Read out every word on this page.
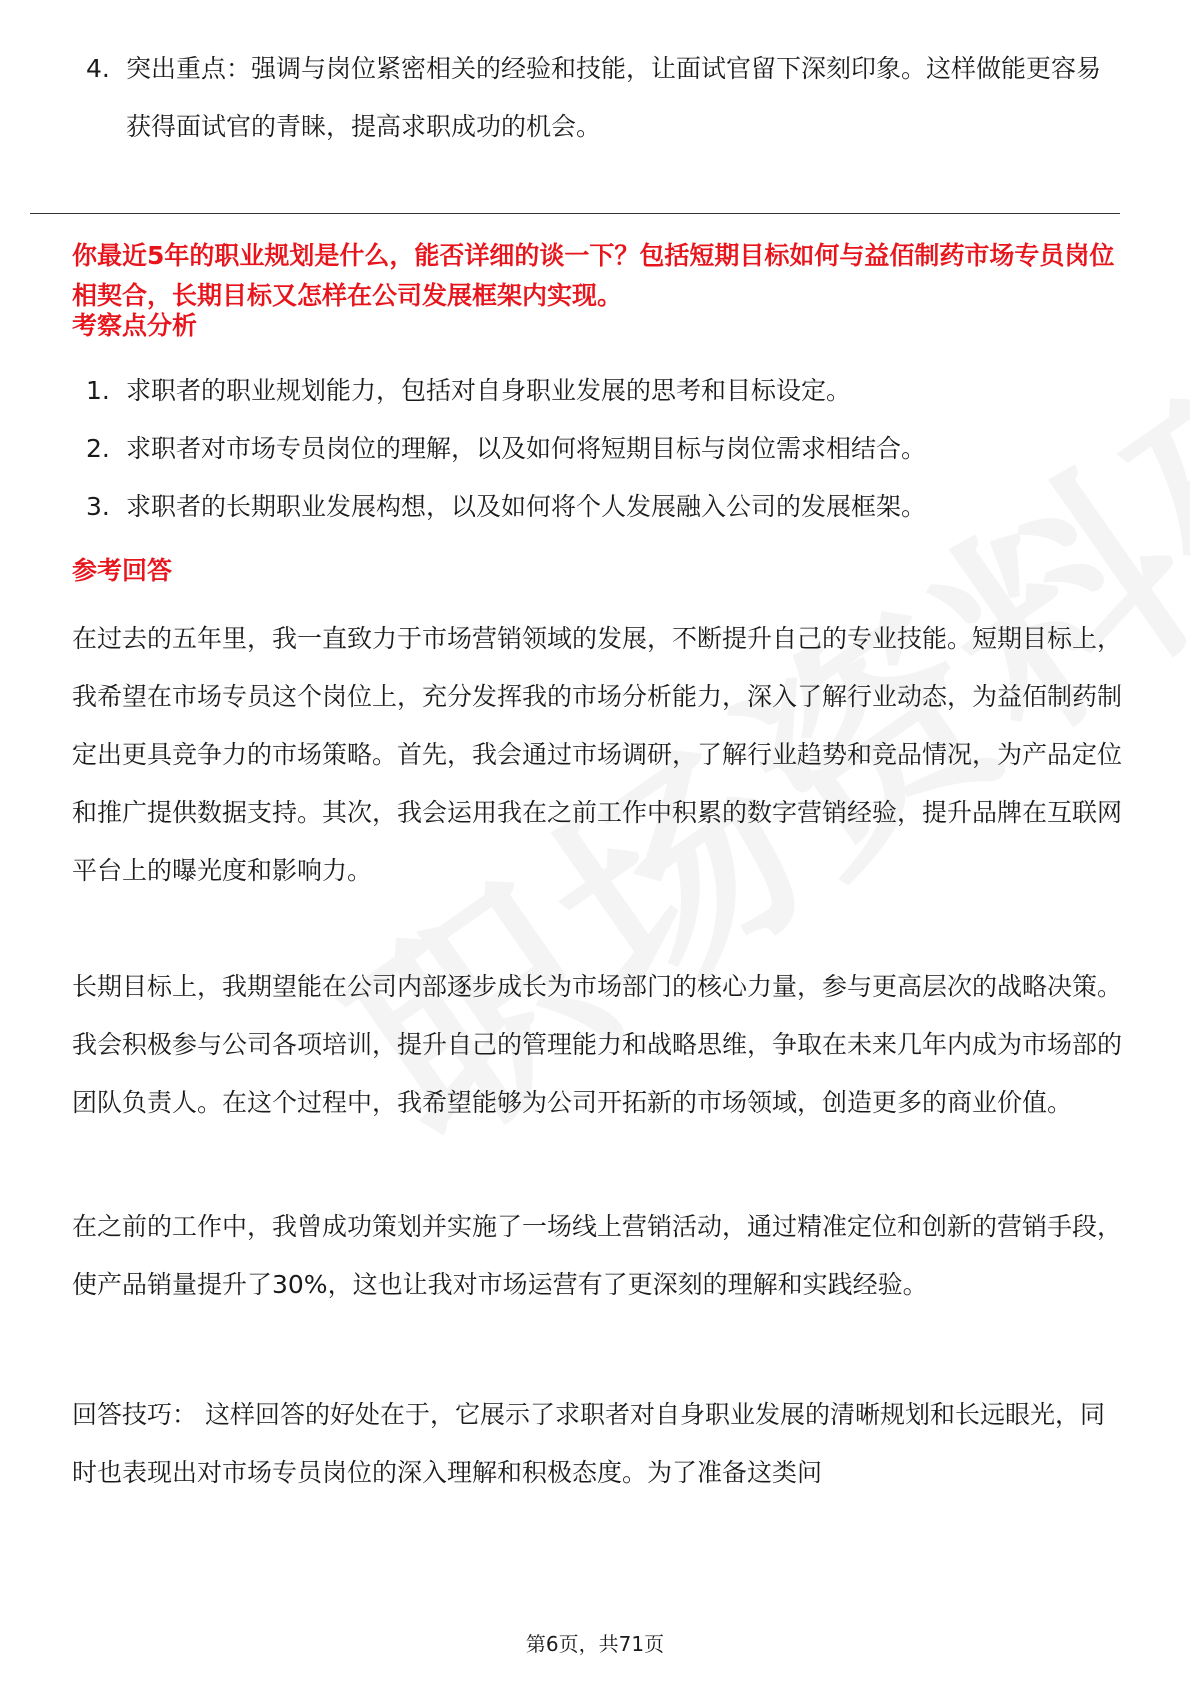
4. 突出重点：强调与岗位紧密相关的经验和技能，让面试官留下深刻印象。这样做能更容易获得面试官的青睐，提高求职成功的机会。
你最近5年的职业规划是什么，能否详细的谈一下？包括短期目标如何与益佰制药市场专员岗位相契合，长期目标又怎样在公司发展框架内实现。
考察点分析
1. 求职者的职业规划能力，包括对自身职业发展的思考和目标设定。
2. 求职者对市场专员岗位的理解，以及如何将短期目标与岗位需求相结合。
3. 求职者的长期职业发展构想，以及如何将个人发展融入公司的发展框架。
参考回答
在过去的五年里，我一直致力于市场营销领域的发展，不断提升自己的专业技能。短期目标上，我希望在市场专员这个岗位上，充分发挥我的市场分析能力，深入了解行业动态，为益佰制药制定出更具竞争力的市场策略。首先，我会通过市场调研，了解行业趋势和竞品情况，为产品定位和推广提供数据支持。其次，我会运用我在之前工作中积累的数字营销经验，提升品牌在互联网平台上的曝光度和影响力。
长期目标上，我期望能在公司内部逐步成长为市场部门的核心力量，参与更高层次的战略决策。我会积极参与公司各项培训，提升自己的管理能力和战略思维，争取在未来几年内成为市场部的团队负责人。在这个过程中，我希望能够为公司开拓新的市场领域，创造更多的商业价值。
在之前的工作中，我曾成功策划并实施了一场线上营销活动，通过精准定位和创新的营销手段，使产品销量提升了30%，这也让我对市场运营有了更深刻的理解和实践经验。
回答技巧： 这样回答的好处在于，它展示了求职者对自身职业发展的清晰规划和长远眼光，同时也表现出对市场专员岗位的深入理解和积极态度。为了准备这类问
第6页，共71页
